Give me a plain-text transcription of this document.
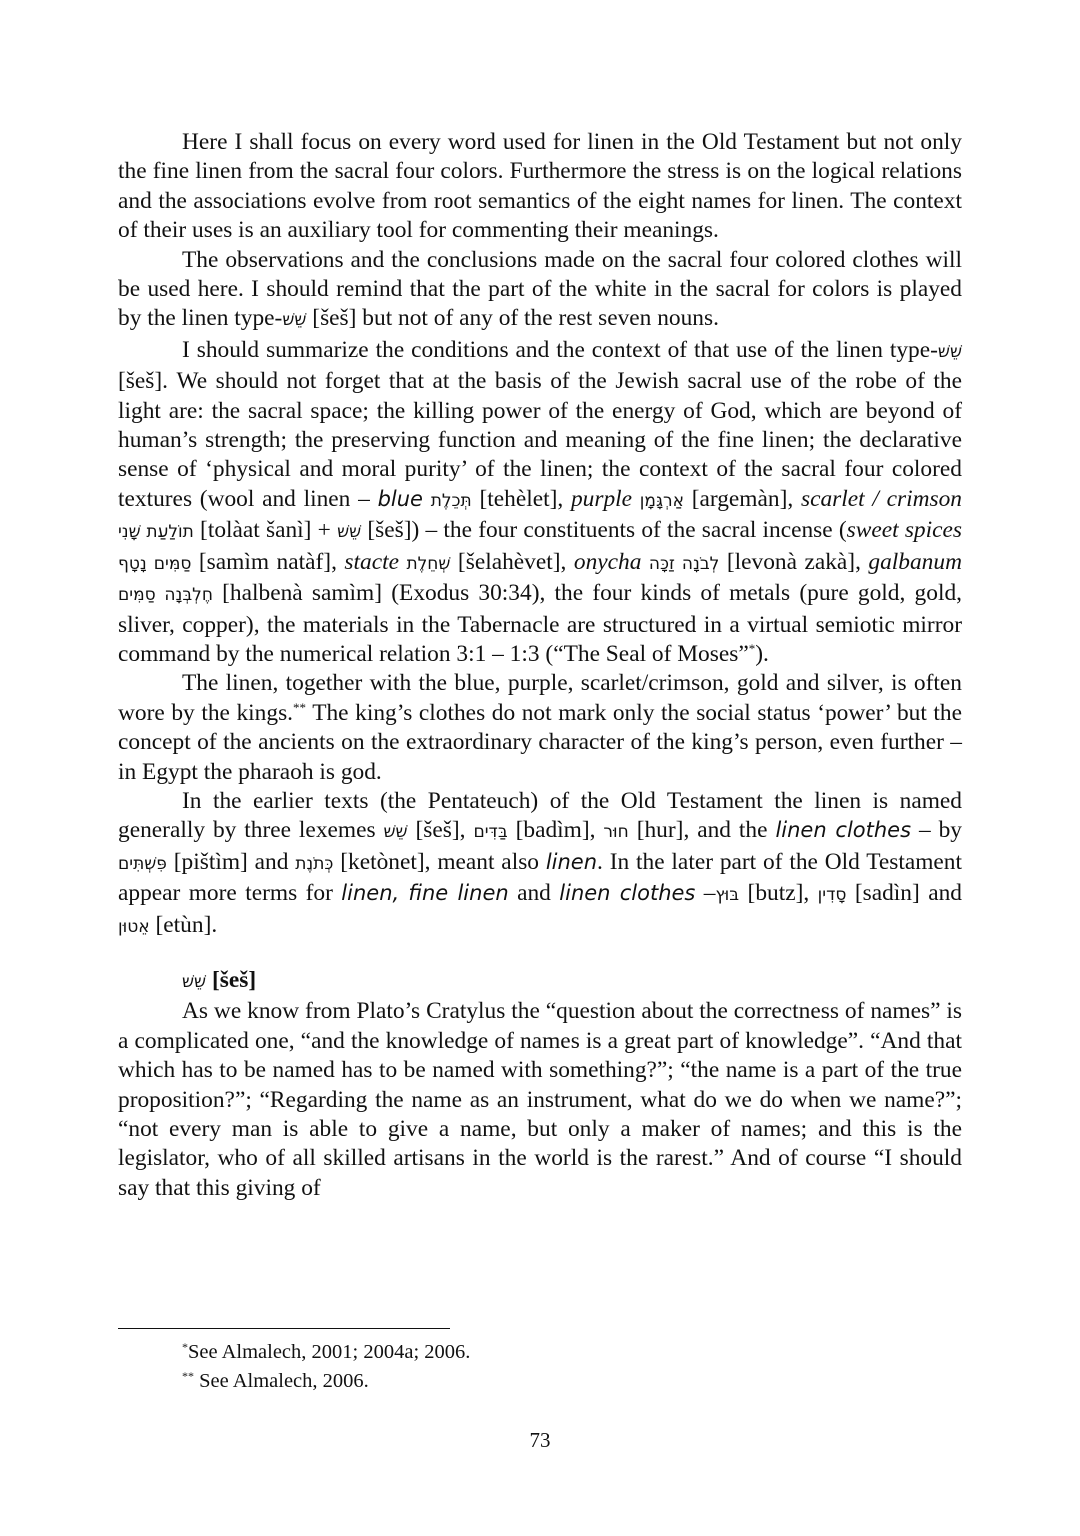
Here I shall focus on every word used for linen in the Old Testament but not only the fine linen from the sacral four colors. Furthermore the stress is on the logical relations and the associations evolve from root semantics of the eight names for linen. The context of their uses is an auxiliary tool for commenting their meanings.

The observations and the conclusions made on the sacral four colored clothes will be used here. I should remind that the part of the white in the sacral for colors is played by the linen type-שֵׁשׁ [šeš] but not of any of the rest seven nouns.

I should summarize the conditions and the context of that use of the linen type-שֵׁשׁ [šeš]. We should not forget that at the basis of the Jewish sacral use of the robe of the light are: the sacral space; the killing power of the energy of God, which are beyond of human’s strength; the preserving function and meaning of the fine linen; the declarative sense of ‘physical and moral purity’ of the linen; the context of the sacral four colored textures (wool and linen – blue תְּכֵלֶת [tehèlet], purple אַרְגָּמָן [argemàn], scarlet / crimson תוֹלַעַת שָׁנִי [tolàat šanì] + שֵׁשׁ [šeš]) – the four constituents of the sacral incense (sweet spices סַמִּים נָטָף [samìm natàf], stacte שְׁחֵלֶת [šelahèvet], onycha לְבֹנָה זַכָּה [levonà zakà], galbanum חֶלְבְּנָה סַמִּים [halbenà samìm] (Exodus 30:34), the four kinds of metals (pure gold, gold, sliver, copper), the materials in the Tabernacle are structured in a virtual semiotic mirror command by the numerical relation 3:1 – 1:3 (“The Seal of Moses”*).

The linen, together with the blue, purple, scarlet/crimson, gold and silver, is often wore by the kings.** The king’s clothes do not mark only the social status ‘power’ but the concept of the ancients on the extraordinary character of the king’s person, even further – in Egypt the pharaoh is god.

In the earlier texts (the Pentateuch) of the Old Testament the linen is named generally by three lexemes שֵׁשׁ [šeš], בַּדִּים [badìm], חוּר [hur], and the linen clothes – by פִּשְׁתִּים [pištìm] and כְּתֹנֶת [ketònet], meant also linen. In the later part of the Old Testament appear more terms for linen, fine linen and linen clothes –בּוּץ [butz], סָדִין [sadìn] and אֵטוּן [etùn].

שֵׁשׁ [šeš]

As we know from Plato’s Cratylus the “question about the correctness of names” is a complicated one, “and the knowledge of names is a great part of knowledge”. “And that which has to be named has to be named with something?”; “the name is a part of the true proposition?”; “Regarding the name as an instrument, what do we do when we name?”; “not every man is able to give a name, but only a maker of names; and this is the legislator, who of all skilled artisans in the world is the rarest.” And of course “I should say that this giving of

*See Almalech, 2001; 2004a; 2006.
** See Almalech, 2006.
73
